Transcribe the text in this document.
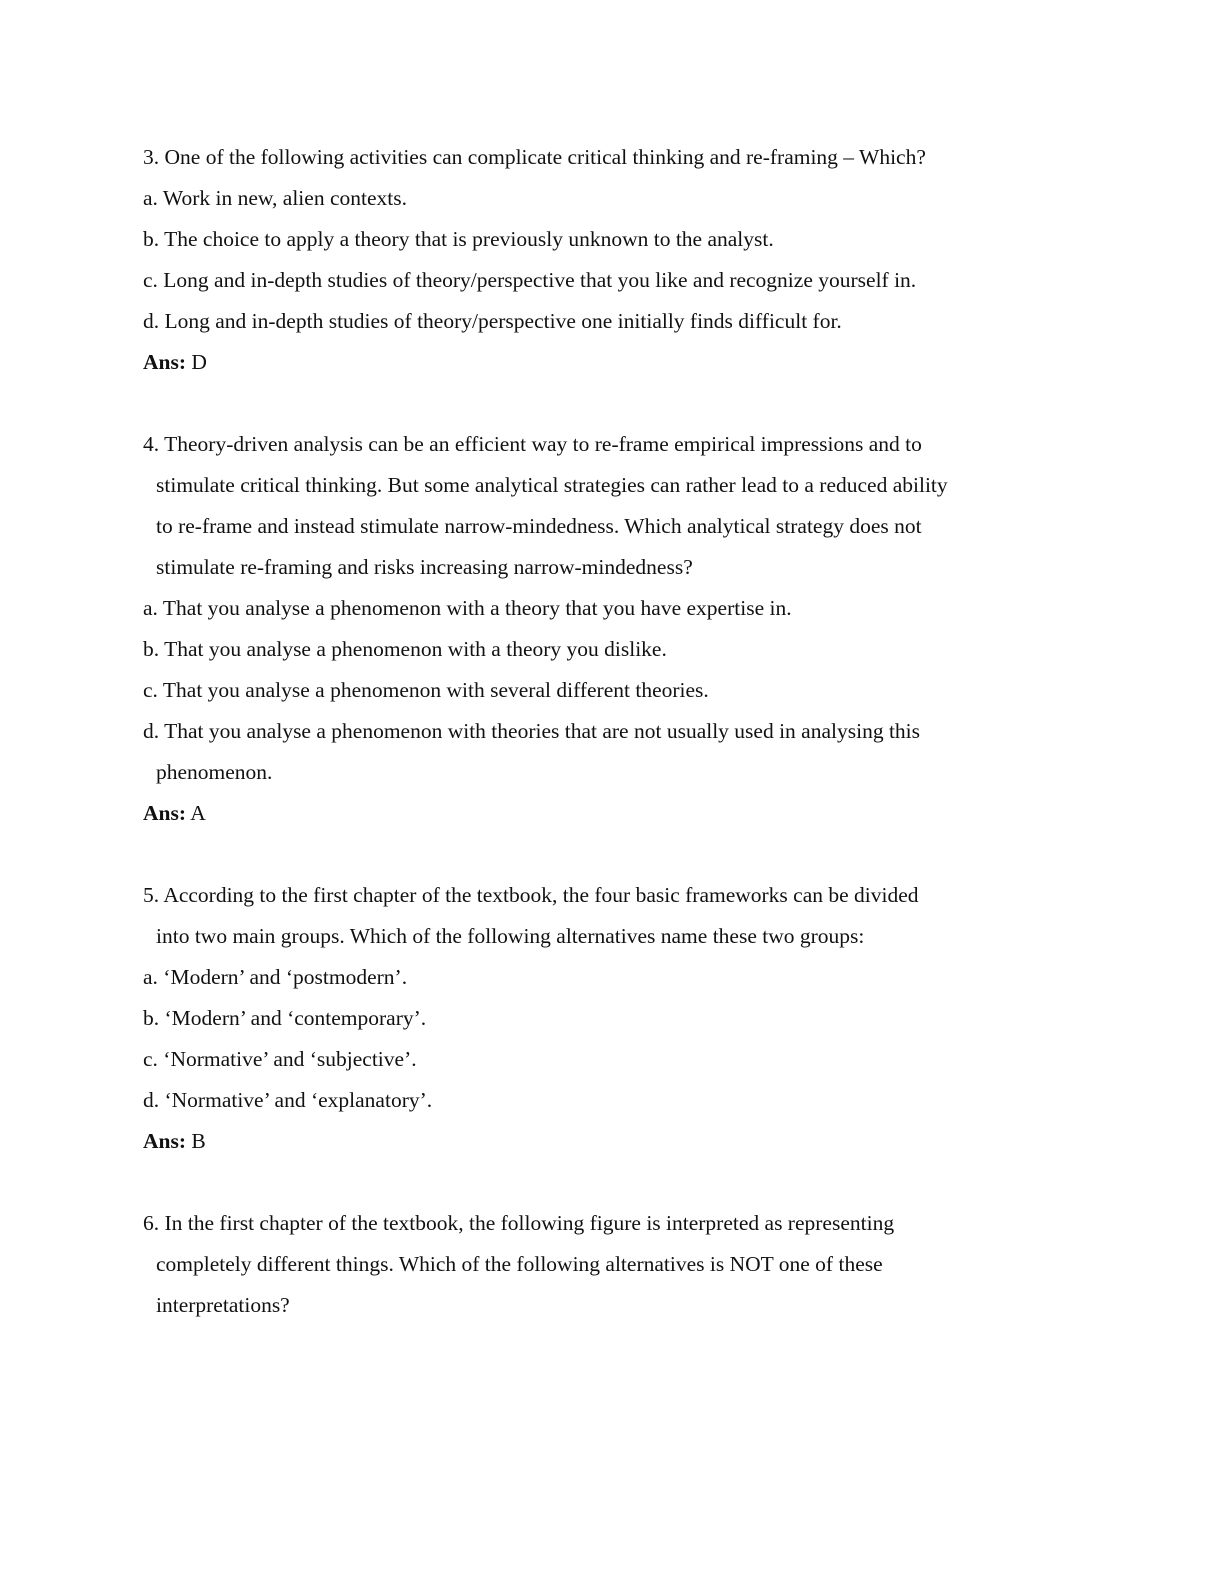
3. One of the following activities can complicate critical thinking and re-framing – Which?

a. Work in new, alien contexts.

b. The choice to apply a theory that is previously unknown to the analyst.

c. Long and in-depth studies of theory/perspective that you like and recognize yourself in.

d. Long and in-depth studies of theory/perspective one initially finds difficult for.

Ans: D

4. Theory-driven analysis can be an efficient way to re-frame empirical impressions and to

stimulate critical thinking. But some analytical strategies can rather lead to a reduced ability

to re-frame and instead stimulate narrow-mindedness. Which analytical strategy does not

stimulate re-framing and risks increasing narrow-mindedness?

a. That you analyse a phenomenon with a theory that you have expertise in.

b. That you analyse a phenomenon with a theory you dislike.

c. That you analyse a phenomenon with several different theories.

d. That you analyse a phenomenon with theories that are not usually used in analysing this

phenomenon.

Ans: A

5. According to the first chapter of the textbook, the four basic frameworks can be divided

into two main groups. Which of the following alternatives name these two groups:

a. ‘Modern’ and ‘postmodern’.

b. ‘Modern’ and ‘contemporary’.

c. ‘Normative’ and ‘subjective’.

d. ‘Normative’ and ‘explanatory’.

Ans: B

6. In the first chapter of the textbook, the following figure is interpreted as representing

completely different things. Which of the following alternatives is NOT one of these

interpretations?
